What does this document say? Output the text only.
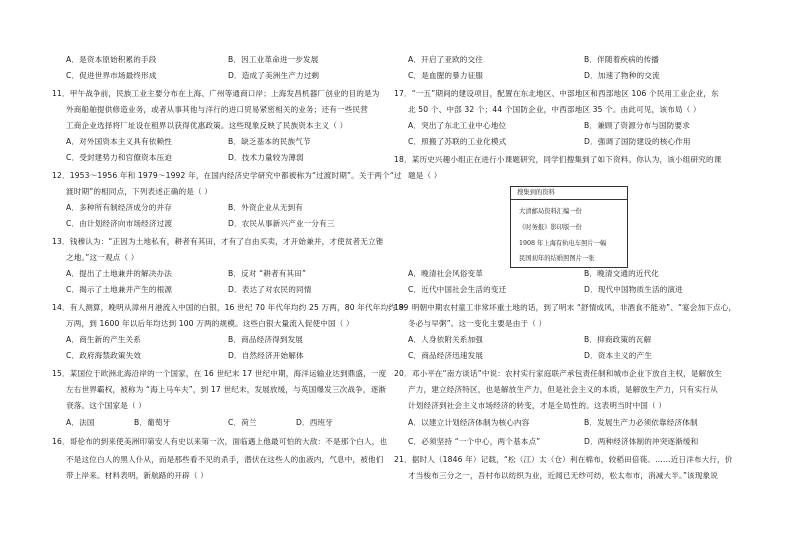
A．是资本原始积累的手段	B．因工业革命进一步发展
C．促进世界市场最终形成	D．造成了美洲生产力过剩
11．甲午战争前，民族工业主要分布在上海、广州等通商口岸；上海发昌机器厂创业的目的是为
外商船舶提供修造业务，或者从事其他与洋行的进口贸易紧密相关的业务；还有一些民营
工商企业选择将厂址设在租界以获得优惠政策。这些现象反映了民族资本主义（ ）
A．对外国资本主义具有依赖性	B．缺乏基本的民族气节
C．受封建势力和官僚资本压迫	D．技术力量较为薄弱
12．1953～1956 年和 1979～1992 年，在国内经济史学研究中都被称为“过渡时期”。关于两个“过
渡时期”的相同点，下列表述正确的是（ ）
A．多种所有制经济成分的并存	B．外资企业从无到有
C．由计划经济向市场经济过渡	D．农民从事新兴产业一分有三
13．钱穆认为：“正因为土地私有，耕者有其田，才有了自由买卖，才开始兼并，才使贫者无立锥
之地。”这一观点（ ）
A．提出了土地兼并的解决办法	B．反对 “耕者有其田”
C．揭示了土地兼并产生的根源	D．表达了对农民的同情
14．有人测算，晚明从漳州月港流入中国的白银，16 世纪 70 年代年均约 25 万两，80 年代年均约 89
万两，到 1600 年以后年均达到 100 万两的规模。这些白银大量流入促使中国（ ）
A．商生新的产生关系	B．商品经济得到发展
C．政府海禁政策失效	D．自然经济开始解体
15．某国位于欧洲北海沿岸的一个国家，在 16 世纪末 17 世纪中期，海洋运输业达到鼎盛，一度
左右世界霸权，被称为 “海上马车夫”，到 17 世纪末，发展放缓，与英国爆发三次战争，逐渐
衰落。这个国家是（ ）
A．法国	B．葡萄牙	C．荷兰	D．西班牙
16．哥伦布的到来使美洲印第安人有史以来第一次，面临遇上他最可怕的大敌：不是那个白人，也
不是这位白人的黑人仆从，而是那些看不见的杀手，潜伏在这些人的血液内，气息中，被他们
带上岸来。材料表明，新航路的开辟（ ）
A．开启了亚欧的交往	B．伴随着疾病的传播
C．是血腥的暴力征服	D．加速了物种的交流
17．“一五”期间的建设项目，配置在东北地区、中部地区和西部地区 106 个民用工业企业，东
北 50 个、中部 32 个；44 个国防企业，中西部地区 35 个。由此可见，该布局（ ）
A．突出了东北工业中心地位	B．兼顾了资源分布与国防要求
C．照搬了苏联的工业化模式	D．强调了国防建设的核心作用
18．某历史兴趣小组正在进行小课题研究，同学们搜集到了如下资料。你认为，该小组研究的课
题是（ ）
A．晚清社会风俗变革	B．晚清交通的近代化
C．近代中国社会生活的变迁	D．现代中国物质生活的演进
19．明朝中期农村童工非常坏重土地的话，到了明末 “舒情成风，非酒食不能劝”、“宴会加下点心，
冬必与早粥”。这一变化主要是由于（ ）
A．人身依附关系加强	B．抑商政策的瓦解
C．商品经济迅速发展	D．资本主义的产生
20．邓小平在“南方谈话”中说：农村实行家庭联产承包责任制和城市企业下放自主权，是解放生
产力，建立经济特区，也是解放生产力，但是社会主义的本质，是解放生产力，只有实行从
计划经济到社会主义市场经济的转变，才是全局性的。这表明当时中国（ ）
A．以建立计划经济体制为核心内容	B．发展生产力必须依靠经济体制
C．必须坚持 “一个中心，两个基本点”	D．两种经济体制的冲突逐渐缓和
21．据时人（1846 年）记载，“松（江）太（仓）利在棉布，较稻田倍蓰。……近日洋布大行，价
才当梭布三分之一，吾村布以纺织为业，近闻已无纱可纺，松太布市，消减大半。”该现象说
搜集到的资料
大清邮局资料汇编一份
《时务报》影印版一份
1908 年上海有轨电车照片一幅
民国初年的结婚照图片一张
